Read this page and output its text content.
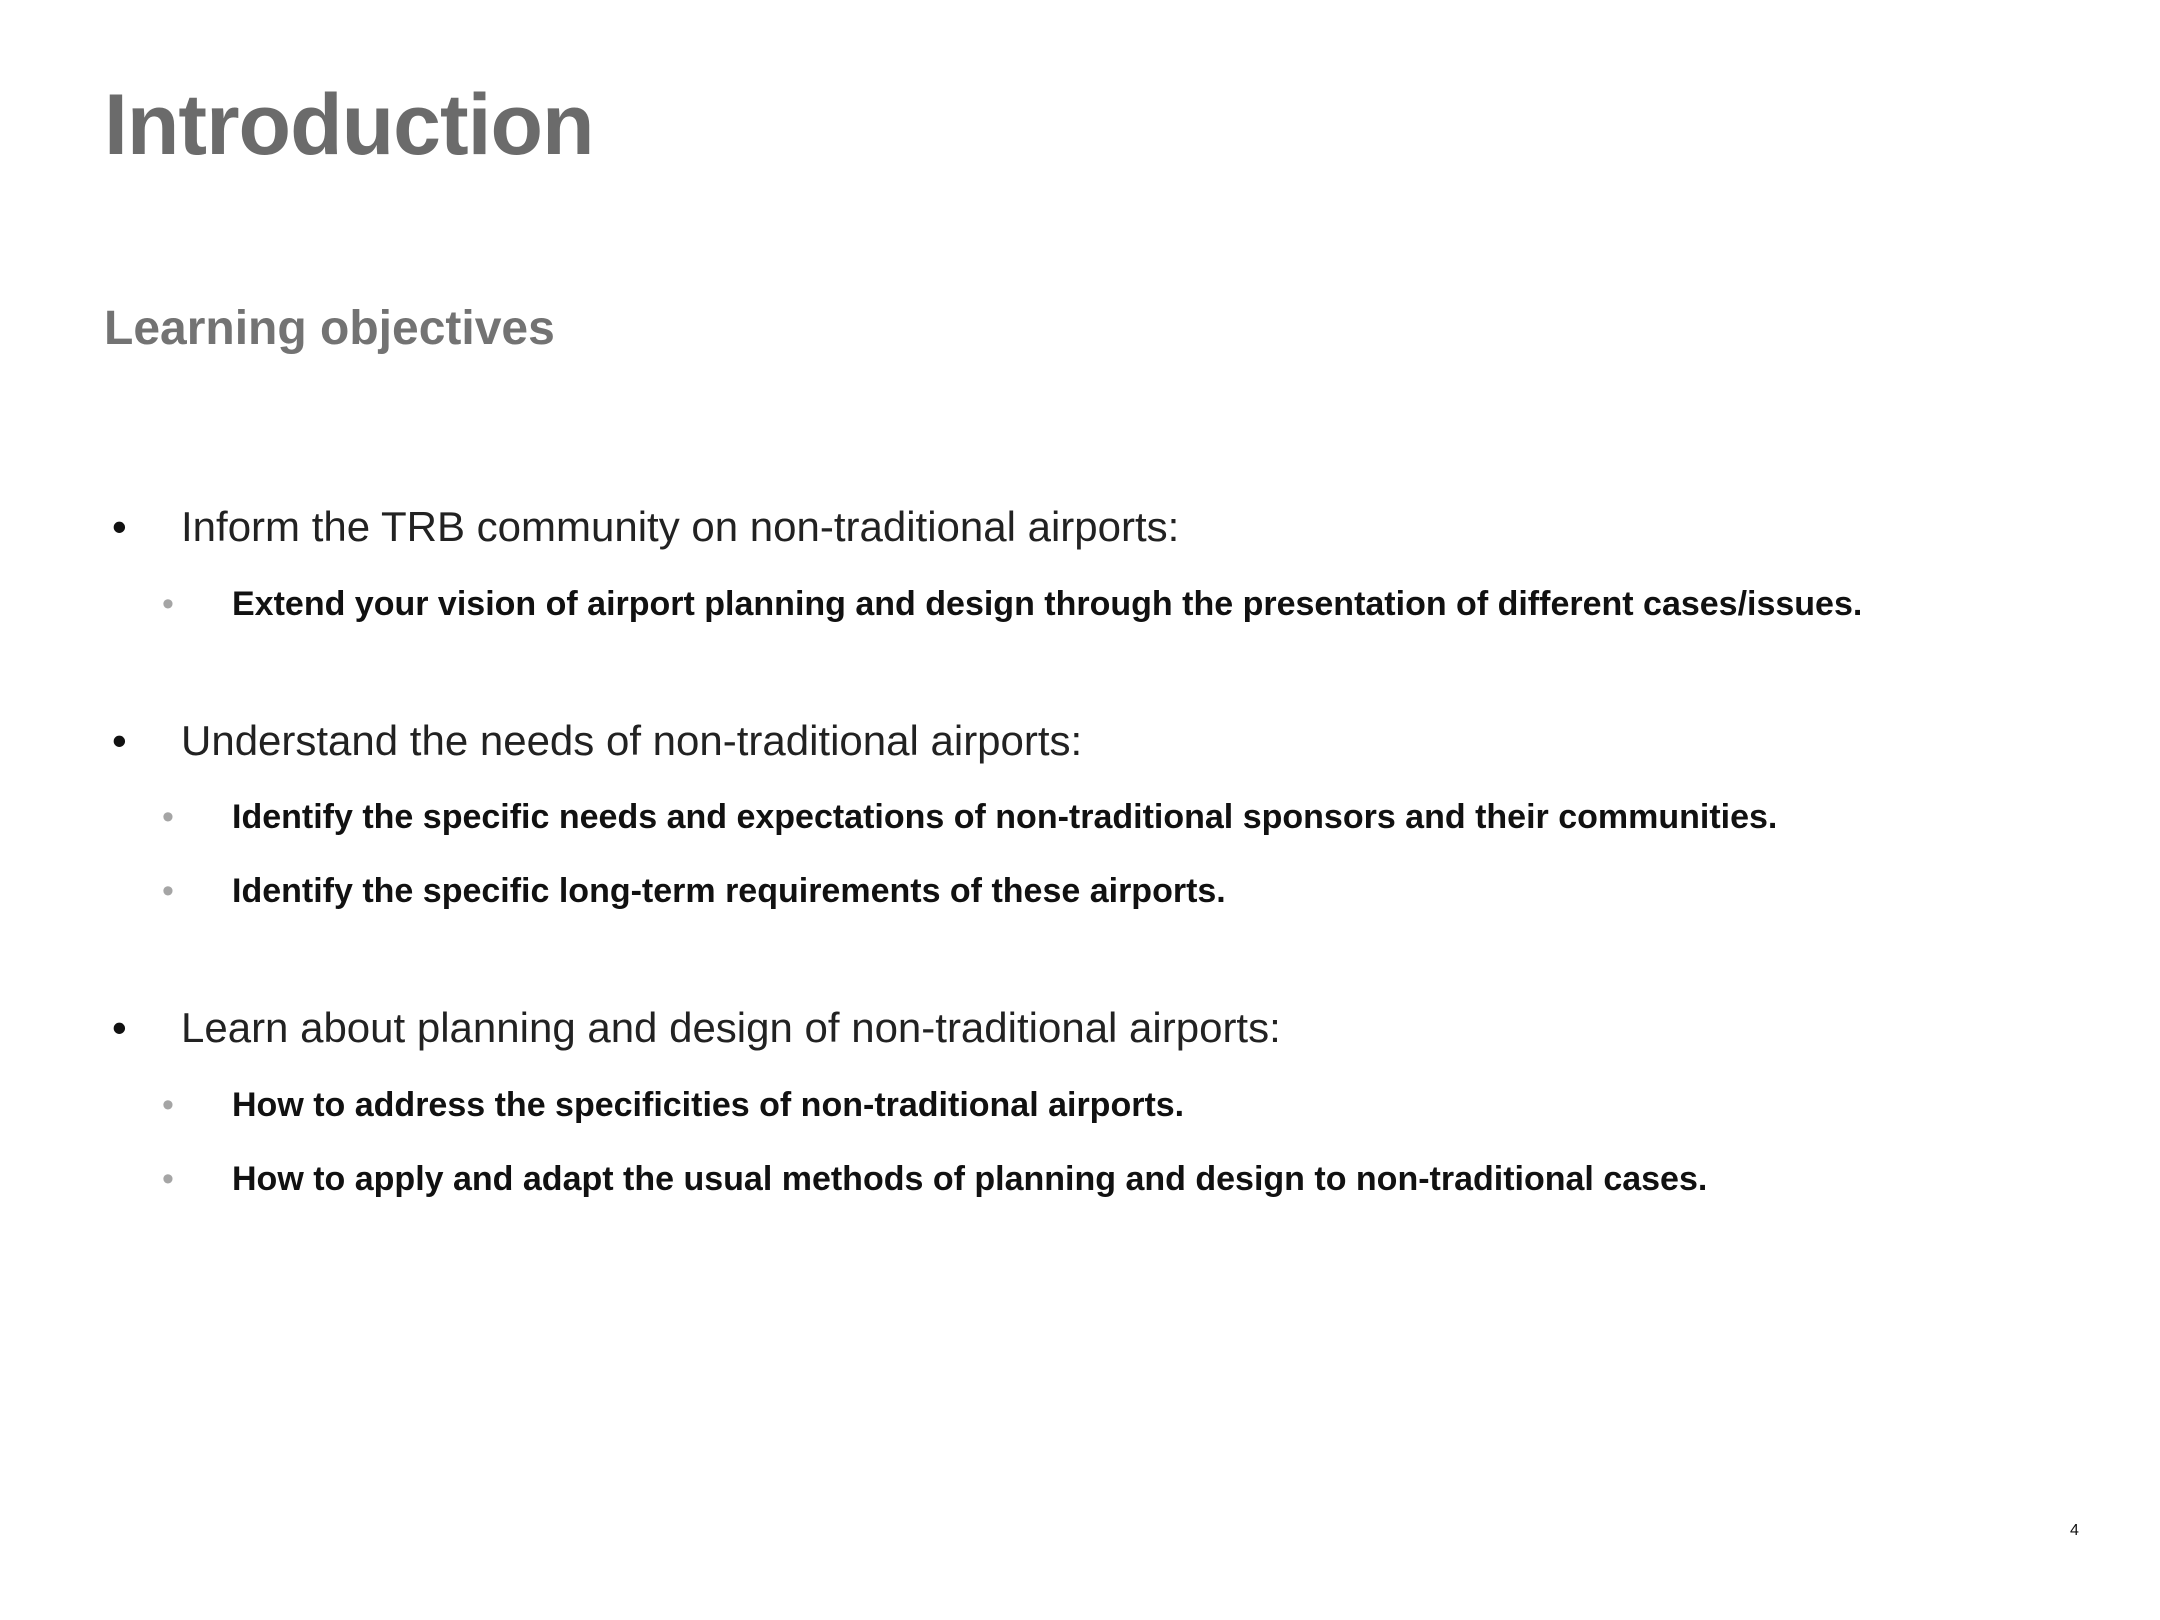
Introduction
Learning objectives
• Inform the TRB community on non-traditional airports:
• Extend your vision of airport planning and design through the presentation of different cases/issues.
• Understand the needs of non-traditional airports:
• Identify the specific needs and expectations of non-traditional sponsors and their communities.
• Identify the specific long-term requirements of these airports.
• Learn about planning and design of non-traditional airports:
• How to address the specificities of non-traditional airports.
• How to apply and adapt the usual methods of planning and design to non-traditional cases.
4
